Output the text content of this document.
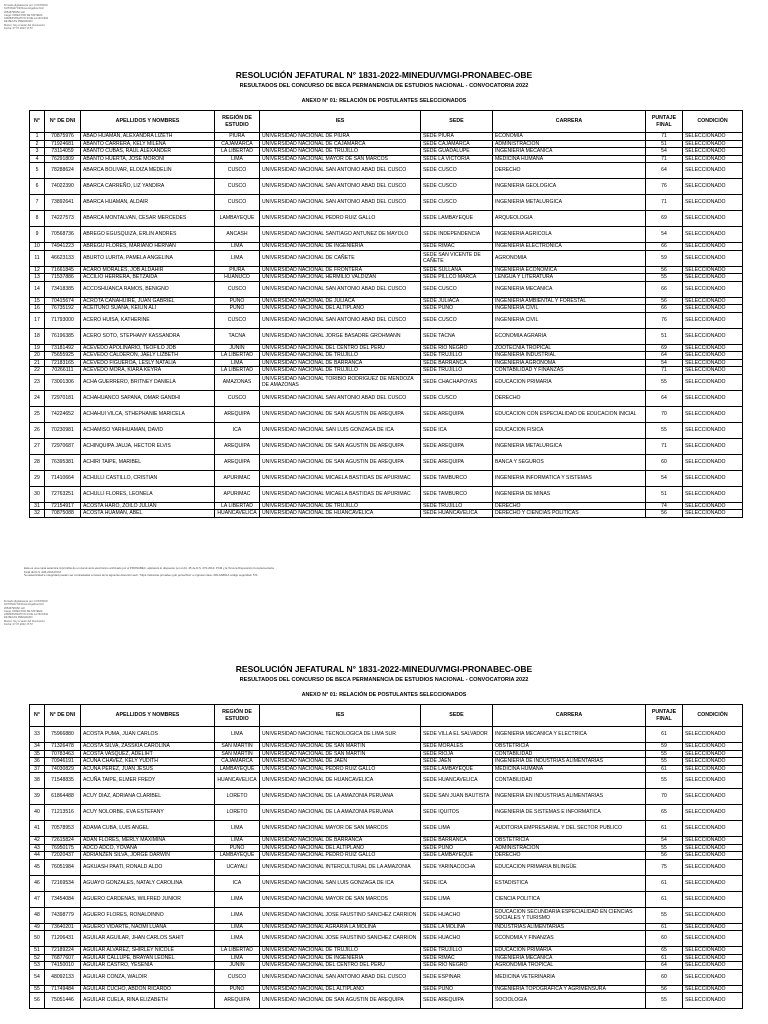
Firmado digitalmente por: CUSTODIO
SOTOMAYOR Rosa Angelica FAU
20546798152 soft
Cargo: DIRECTOR DE SISTEMA
ADMINISTRATIVO III DE LA OFICINA
DE BECAS PREGRADO
Motivo: Soy el autor del documento
Fecha: 07.07.2022 17:57
RESOLUCIÓN JEFATURAL N° 1831-2022-MINEDU/VMGI-PRONABEC-OBE
RESULTADOS DEL CONCURSO DE BECA PERMANENCIA DE ESTUDIOS NACIONAL - CONVOCATORIA 2022
ANEXO N° 01: RELACIÓN DE POSTULANTES SELECCIONADOS
N°	N° DE DNI	APELLIDOS Y NOMBRES	REGIÓN DE ESTUDIO	IES	SEDE	CARRERA	PUNTAJE FINAL	CONDICIÓN
1	70875976	ABAD HUAMAN, ALEXANDRA LIZETH	PIURA	UNIVERSIDAD NACIONAL DE PIURA	SEDE PIURA	ECONOMIA	71	SELECCIONADO
2	71924681	ABANTO CARRERA, KELY MILENA	CAJAMARCA	UNIVERSIDAD NACIONAL DE CAJAMARCA	SEDE CAJAMARCA	ADMINISTRACION	51	SELECCIONADO
3	73114059	ABANTO CUBAS, RAUL ALEXANDER	LA LIBERTAD	UNIVERSIDAD NACIONAL DE TRUJILLO	SEDE GUADALUPE	INGENIERIA MECANICA	54	SELECCIONADO
4	76291809	ABANTO HUERTA, JOSE MORONI	LIMA	UNIVERSIDAD NACIONAL MAYOR DE SAN MARCOS	SEDE LA VICTORIA	MEDICINA HUMANA	71	SELECCIONADO
5	78288624	ABARCA BOLIVAR, ELOIZA MEDELIN	CUSCO	UNIVERSIDAD NACIONAL SAN ANTONIO ABAD DEL CUSCO	SEDE CUSCO	DERECHO	64	SELECCIONADO
6	74022390	ABARCA CARREÑO, LIZ YANDIRA	CUSCO	UNIVERSIDAD NACIONAL SAN ANTONIO ABAD DEL CUSCO	SEDE CUSCO	INGENIERIA GEOLOGICA	76	SELECCIONADO
7	73892641	ABARCA HUAMAN, ALDAIR	CUSCO	UNIVERSIDAD NACIONAL SAN ANTONIO ABAD DEL CUSCO	SEDE CUSCO	INGENIERIA METALURGICA	71	SELECCIONADO
8	74227573	ABARCA MONTALVAN, CESAR MERCEDES	LAMBAYEQUE	UNIVERSIDAD NACIONAL PEDRO RUIZ GALLO	SEDE LAMBAYEQUE	ARQUEOLOGIA	69	SELECCIONADO
9	70568736	ABREGO EGUSQUIZA, ERLIN ANDRES	ANCASH	UNIVERSIDAD NACIONAL SANTIAGO ANTUNEZ DE MAYOLO	SEDE INDEPENDENCIA	INGENIERIA AGRICOLA	54	SELECCIONADO
10	74941223	ABREGU FLORES, MARIANO HERNAN	LIMA	UNIVERSIDAD NACIONAL DE INGENIERIA	SEDE RIMAC	INGENIERIA ELECTRONICA	66	SELECCIONADO
11	46623133	ABURTO LURITA, PAMELA ANGELINA	LIMA	UNIVERSIDAD NACIONAL DE CAÑETE	SEDE SAN VICENTE DE CAÑETE	AGRONOMIA	59	SELECCIONADO
12	71661845	ACARO MORALES, JOB ALDAHIR	PIURA	UNIVERSIDAD NACIONAL DE FRONTERA	SEDE SULLANA	INGENIERIA ECONOMICA	56	SELECCIONADO
13	71537886	ACCILIO HERRERA, BETZAIDA	HUANUCO	UNIVERSIDAD NACIONAL HERMILIO VALDIZAN	SEDE PILLCO MARCA	LENGUA Y LITERATURA	55	SELECCIONADO
14	73418385	ACCOSHUANCA RAMOS, BENIGNO	CUSCO	UNIVERSIDAD NACIONAL SAN ANTONIO ABAD DEL CUSCO	SEDE CUSCO	INGENIERIA MECANICA	66	SELECCIONADO
15	70415674	ACROTA CANAHUIRE, JUAN GABRIEL	PUNO	UNIVERSIDAD NACIONAL DE JULIACA	SEDE JULIACA	INGENIERIA AMBIENTAL Y FORESTAL	56	SELECCIONADO
16	76735192	ACEITUNO SUANA, KEILIN ALI	PUNO	UNIVERSIDAD NACIONAL DEL ALTIPLANO	SEDE PUNO	INGENIERIA CIVIL	66	SELECCIONADO
17	71793000	ACERO HUISA, KATHERINE	CUSCO	UNIVERSIDAD NACIONAL SAN ANTONIO ABAD DEL CUSCO	SEDE CUSCO	INGENIERIA CIVIL	76	SELECCIONADO
18	76196385	ACERO SOTO, STEPHANY KASSANDRA	TACNA	UNIVERSIDAD NACIONAL JORGE BASADRE GROHMANN	SEDE TACNA	ECONOMIA AGRARIA	51	SELECCIONADO
19	73181492	ACEVEDO APOLINARIO, TEOFILO JOB	JUNIN	UNIVERSIDAD NACIONAL DEL CENTRO DEL PERU	SEDE RIO NEGRO	ZOOTECNIA TROPICAL	69	SELECCIONADO
20	75655925	ACEVEDO CALDERON, JAELY LIZBETH	LA LIBERTAD	UNIVERSIDAD NACIONAL DE TRUJILLO	SEDE TRUJILLO	INGENIERIA INDUSTRIAL	64	SELECCIONADO
21	72183165	ACEVEDO FIGUEROA, LESLY NATALIA	LIMA	UNIVERSIDAD NACIONAL DE BARRANCA	SEDE BARRANCA	INGENIERIA AGRONOMA	54	SELECCIONADO
22	70266111	ACEVEDO MORA, KIARA KEYRA	LA LIBERTAD	UNIVERSIDAD NACIONAL DE TRUJILLO	SEDE TRUJILLO	CONTABILIDAD Y FINANZAS	71	SELECCIONADO
23	73001306	ACHA GUERRERO, BRITNEY DANIELA	AMAZONAS	UNIVERSIDAD NACIONAL TORIBIO RODRIGUEZ DE MENDOZA DE AMAZONAS	SEDE CHACHAPOYAS	EDUCACION PRIMARIA	55	SELECCIONADO
24	72970181	ACHAHUANCO SAPANA, OMAR GANDHI	CUSCO	UNIVERSIDAD NACIONAL SAN ANTONIO ABAD DEL CUSCO	SEDE CUSCO	DERECHO	64	SELECCIONADO
25	74224652	ACHAHUI VILCA, STHEPHANIE MARICELA	AREQUIPA	UNIVERSIDAD NACIONAL DE SAN AGUSTIN DE AREQUIPA	SEDE AREQUIPA	EDUCACION CON ESPECIALIDAD DE EDUCACION INICIAL	70	SELECCIONADO
26	70230981	ACHAMISO YARIHUAMAN, DAVID	ICA	UNIVERSIDAD NACIONAL SAN LUIS GONZAGA DE ICA	SEDE ICA	EDUCACION FISICA	55	SELECCIONADO
27	72970687	ACHINQUIPA JAUJA, HECTOR ELVIS	AREQUIPA	UNIVERSIDAD NACIONAL DE SAN AGUSTIN DE AREQUIPA	SEDE AREQUIPA	INGENIERIA METALURGICA	71	SELECCIONADO
28	76395381	ACHIRI TAIPE, MARIBEL	AREQUIPA	UNIVERSIDAD NACIONAL DE SAN AGUSTIN DE AREQUIPA	SEDE AREQUIPA	BANCA Y SEGUROS	60	SELECCIONADO
29	71410664	ACHULLI CASTILLO, CRISTIAN	APURIMAC	UNIVERSIDAD NACIONAL MICAELA BASTIDAS DE APURIMAC	SEDE TAMBURCO	INGENIERIA INFORMATICA Y SISTEMAS	54	SELECCIONADO
30	72763251	ACHULLI FLORES, LEONELA	APURIMAC	UNIVERSIDAD NACIONAL MICAELA BASTIDAS DE APURIMAC	SEDE TAMBURCO	INGENIERIA DE MINAS	51	SELECCIONADO
31	72154917	ACOSTA HARO, ZOILO JULIAN	LA LIBERTAD	UNIVERSIDAD NACIONAL DE TRUJILLO	SEDE TRUJILLO	DERECHO	74	SELECCIONADO
32	70875088	ACOSTA HUAMAN, ABEL	HUANCAVELICA	UNIVERSIDAD NACIONAL DE HUANCAVELICA	SEDE HUANCAVELICA	DERECHO Y CIENCIAS POLITICAS	56	SELECCIONADO
Esta es una copia auténtica imprimible de un documento electrónico archivado por el PRONABEC, aplicando lo dispuesto por el Art. 25 de D.S. 070-2013- PCM y la Tercera Disposición Complementaria
Final del D.S. 026-2016-PCM.
Su autenticidad e integridad pueden ser contrastadas a través de la siguiente dirección web: "https://sitramite.pronabec.gob.pe/verifica" e ingresar clave: 0DLAAB5LA código seguridad: 574
Firmado digitalmente por: CUSTODIO
SOTOMAYOR Rosa Angelica FAU
20546798152 soft
Cargo: DIRECTOR DE SISTEMA
ADMINISTRATIVO III DE LA OFICINA
DE BECAS PREGRADO
Motivo: Soy el autor del documento
Fecha: 07.07.2022 17:57
RESOLUCIÓN JEFATURAL N° 1831-2022-MINEDU/VMGI-PRONABEC-OBE
RESULTADOS DEL CONCURSO DE BECA PERMANENCIA DE ESTUDIOS NACIONAL - CONVOCATORIA 2022
ANEXO N° 01: RELACIÓN DE POSTULANTES SELECCIONADOS
N°	N° DE DNI	APELLIDOS Y NOMBRES	REGIÓN DE ESTUDIO	IES	SEDE	CARRERA	PUNTAJE FINAL	CONDICIÓN
33	75966880	ACOSTA PUMA, JUAN CARLOS	LIMA	UNIVERSIDAD NACIONAL TECNOLOGICA DE LIMA SUR	SEDE VILLA EL SALVADOR	INGENIERIA MECANICA Y ELECTRICA	61	SELECCIONADO
34	71326478	ACOSTA SILVA, ZASSKIA CAROLINA	SAN MARTIN	UNIVERSIDAD NACIONAL DE SAN MARTIN	SEDE MORALES	OBSTETRICIA	59	SELECCIONADO
35	70783463	ACOSTA VASQUEZ, ADELIHT	SAN MARTIN	UNIVERSIDAD NACIONAL DE SAN MARTIN	SEDE RIOJA	CONTABILIDAD	55	SELECCIONADO
36	70946191	ACUÑA CHAVEZ, KELY YUDITH	CAJAMARCA	UNIVERSIDAD NACIONAL DE JAEN	SEDE JAEN	INGENIERIA DE INDUSTRIAS ALIMENTARIAS	55	SELECCIONADO
37	74030829	ACUÑA PEREZ, JUAN JESUS	LAMBAYEQUE	UNIVERSIDAD NACIONAL PEDRO RUIZ GALLO	SEDE LAMBAYEQUE	MEDICINA HUMANA	61	SELECCIONADO
38	71548835	ACUÑA TAIPE, ELMER FREDY	HUANCAVELICA	UNIVERSIDAD NACIONAL DE HUANCAVELICA	SEDE HUANCAVELICA	CONTABILIDAD	55	SELECCIONADO
39	61864488	ACUY DIAZ, ADRIANA CLARIBEL	LORETO	UNIVERSIDAD NACIONAL DE LA AMAZONIA PERUANA	SEDE SAN JUAN BAUTISTA	INGENIERIA EN INDUSTRIAS ALIMENTARIAS	70	SELECCIONADO
40	71213516	ACUY NOLORBE, EVA ESTEFANY	LORETO	UNIVERSIDAD NACIONAL DE LA AMAZONIA PERUANA	SEDE IQUITOS	INGENIERIA DE SISTEMAS E INFORMATICA	65	SELECCIONADO
41	70578953	ADAMA CUBA, LUIS ANGEL	LIMA	UNIVERSIDAD NACIONAL MAYOR DE SAN MARCOS	SEDE LIMA	AUDITORIA EMPRESARIAL Y DEL SECTOR PUBLICO	61	SELECCIONADO
42	72615824	ADAN FLORES, MERLY MAXIMINA	LIMA	UNIVERSIDAD NACIONAL DE BARRANCA	SEDE BARRANCA	OBSTETRICIA	54	SELECCIONADO
43	76950175	ADCO ADCO, YOVANA	PUNO	UNIVERSIDAD NACIONAL DEL ALTIPLANO	SEDE PUNO	ADMINISTRACION	55	SELECCIONADO
44	72020437	ADRIANZEN SILVA, JORGE DARWIN	LAMBAYEQUE	UNIVERSIDAD NACIONAL PEDRO RUIZ GALLO	SEDE LAMBAYEQUE	DERECHO	56	SELECCIONADO
45	76051984	AGKUASH PAATI, RONALD ALDO	UCAYALI	UNIVERSIDAD NACIONAL INTERCULTURAL DE LA AMAZONIA	SEDE YARINACOCHA	EDUCACION PRIMARIA BILINGÜE	75	SELECCIONADO
46	72169534	AGUAYO GONZALES, NATALY CAROLINA	ICA	UNIVERSIDAD NACIONAL SAN LUIS GONZAGA DE ICA	SEDE ICA	ESTADISTICA	61	SELECCIONADO
47	73454084	AGUERO CARDENAS, WILFRED JUNIOR	LIMA	UNIVERSIDAD NACIONAL MAYOR DE SAN MARCOS	SEDE LIMA	CIENCIA POLITICA	61	SELECCIONADO
48	74398779	AGUERO FLORES, RONALDINNO	LIMA	UNIVERSIDAD NACIONAL JOSE FAUSTINO SANCHEZ CARRION	SEDE HUACHO	EDUCACION SECUNDARIA ESPECIALIDAD EN CIENCIAS SOCIALES Y TURISMO	55	SELECCIONADO
49	73640201	AGUERO VIDARTE, NAOMI LUANA	LIMA	UNIVERSIDAD NACIONAL AGRARIA LA MOLINA	SEDE LA MOLINA	INDUSTRIAS ALIMENTARIAS	61	SELECCIONADO
50	71206431	AGUILAR AGUILAR, JHAN CARLOS SAHIT	LIMA	UNIVERSIDAD NACIONAL JOSE FAUSTINO SANCHEZ CARRION	SEDE HUACHO	ECONOMIA Y FINANZAS	60	SELECCIONADO
51	72189224	AGUILAR ALVAREZ, SHIRLEY NICOLE	LA LIBERTAD	UNIVERSIDAD NACIONAL DE TRUJILLO	SEDE TRUJILLO	EDUCACION PRIMARIA	65	SELECCIONADO
52	76877607	AGUILAR CALLUPE, BRAYAN LEONEL	LIMA	UNIVERSIDAD NACIONAL DE INGENIERIA	SEDE RIMAC	INGENIERIA MECANICA	61	SELECCIONADO
53	74150010	AGUILAR CASTRO, YESENIA	JUNIN	UNIVERSIDAD NACIONAL DEL CENTRO DEL PERU	SEDE RIO NEGRO	AGRONOMIA TROPICAL	64	SELECCIONADO
54	48092133	AGUILAR CONZA, WALDIR	CUSCO	UNIVERSIDAD NACIONAL SAN ANTONIO ABAD DEL CUSCO	SEDE ESPINAR	MEDICINA VETERINARIA	60	SELECCIONADO
55	71749484	AGUILAR CUCHO, ABDON RICARDO	PUNO	UNIVERSIDAD NACIONAL DEL ALTIPLANO	SEDE PUNO	INGENIERIA TOPOGRAFICA Y AGRIMENSURA	56	SELECCIONADO
56	75051446	AGUILAR CUELA, RINA ELIZABETH	AREQUIPA	UNIVERSIDAD NACIONAL DE SAN AGUSTIN DE AREQUIPA	SEDE AREQUIPA	SOCIOLOGIA	55	SELECCIONADO
